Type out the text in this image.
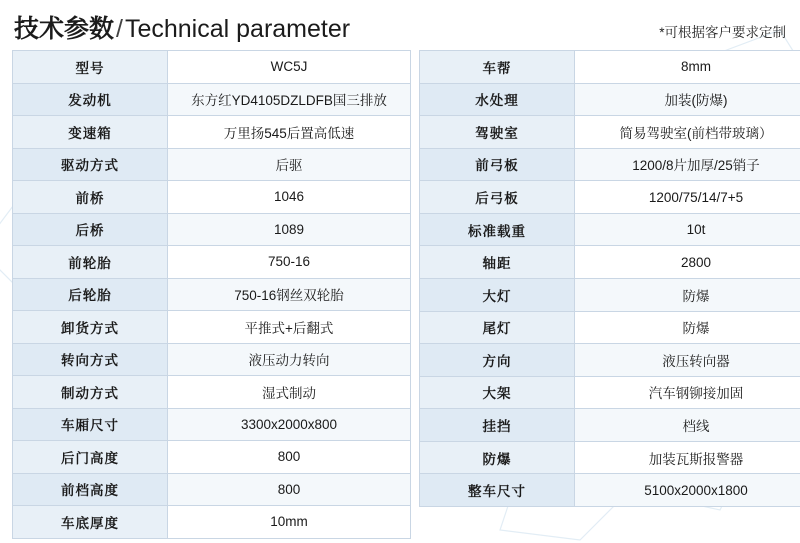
技术参数/Technical parameter	*可根据客户要求定制
型号	WC5J
发动机	东方红YD4105DZLDFB国三排放
变速箱	万里扬545后置高低速
驱动方式	后驱
前桥	1046
后桥	1089
前轮胎	750-16
后轮胎	750-16钢丝双轮胎
卸货方式	平推式+后翻式
转向方式	液压动力转向
制动方式	湿式制动
车厢尺寸	3300x2000x800
后门高度	800
前档高度	800
车底厚度	10mm
车帮	8mm
水处理	加装(防爆)
驾驶室	简易驾驶室(前档带玻璃）
前弓板	1200/8片加厚/25销子
后弓板	1200/75/14/7+5
标准载重	10t
轴距	2800
大灯	防爆
尾灯	防爆
方向	液压转向器
大架	汽车钢铆接加固
挂挡	档线
防爆	加装瓦斯报警器
整车尺寸	5100x2000x1800
